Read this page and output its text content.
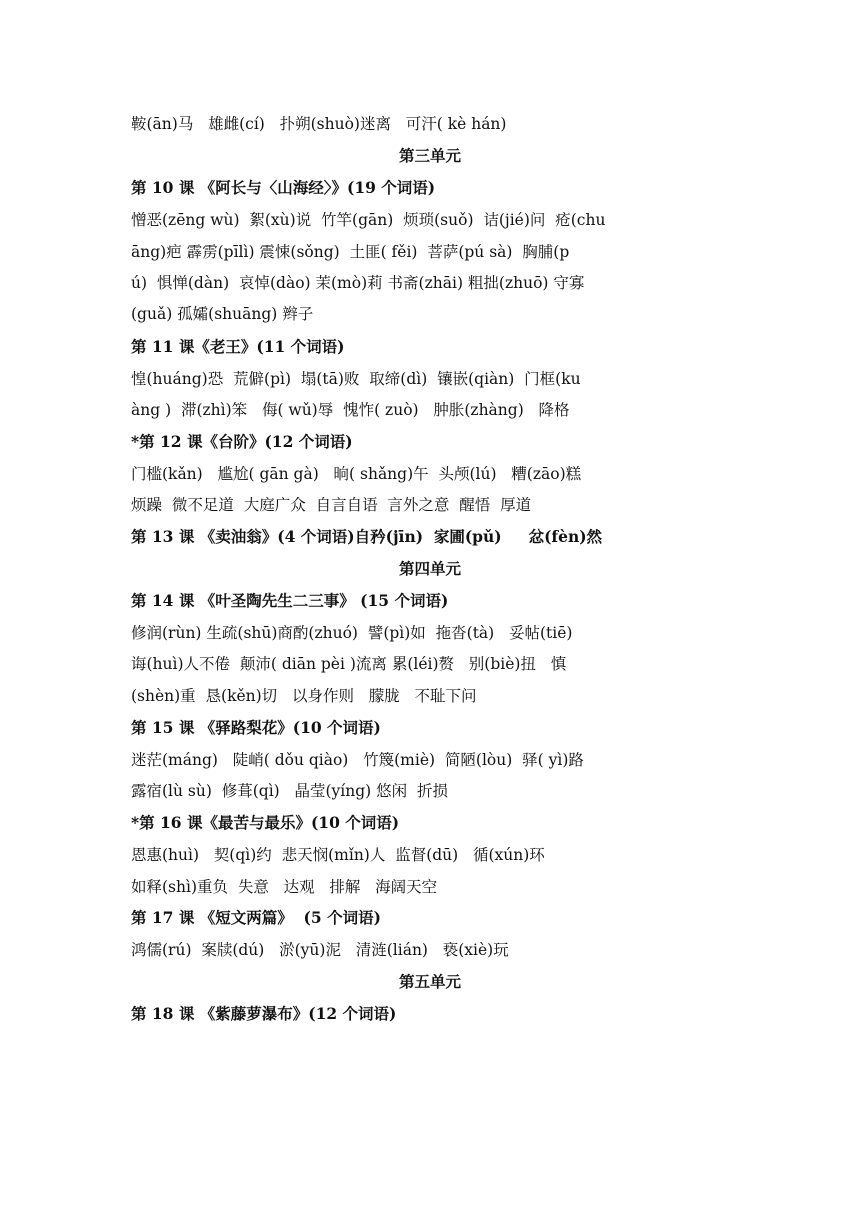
鞍(ān)马   雄雌(cí)   扑朔(shuò)迷离   可汗( kè hán)
第三单元
第 10 课 《阿长与〈山海经〉》(19 个词语)
憎恶(zēng wù)  絮(xù)说  竹竿(gān)  烦琐(suǒ)  诘(jié)问  疮(chu
āng)疤 霹雳(pīlì) 震悚(sǒng)  土匪( fěi)  菩萨(pú sà)  胸脯(p
ú)  惧惮(dàn)  哀悼(dào) 茉(mò)莉 书斋(zhāi) 粗拙(zhuō) 守寡
(guǎ) 孤孀(shuāng) 辫子
第 11 课《老王》(11 个词语)
惶(huáng)恐  荒僻(pì)  塌(tā)败  取缔(dì)  镶嵌(qiàn)  门框(ku
àng )  滞(zhì)笨   侮( wǔ)辱  愧怍( zuò)   肿胀(zhàng)   降格
*第 12 课《台阶》(12 个词语)
门槛(kǎn)   尴尬( gān gà)   晌( shǎng)午  头颅(lú)   糟(zāo)糕
烦躁  微不足道  大庭广众  自言自语  言外之意  醒悟  厚道
第 13 课 《卖油翁》(4 个词语)自矜(jīn)  家圃(pǔ)     忿(fèn)然
第四单元
第 14 课 《叶圣陶先生二三事》 (15 个词语)
修润(rùn) 生疏(shū)商酌(zhuó)  譬(pì)如  拖沓(tà)   妥帖(tiē)
诲(huì)人不倦  颠沛( diān pèi )流离 累(léi)赘   别(biè)扭   慎
(shèn)重  恳(kěn)切   以身作则   朦胧   不耻下问
第 15 课 《驿路梨花》(10 个词语)
迷茫(máng)   陡峭( dǒu qiào)   竹篾(miè)  简陋(lòu)  驿( yì)路
露宿(lù sù)  修葺(qì)   晶莹(yíng) 悠闲  折损
*第 16 课《最苦与最乐》(10 个词语)
恩惠(huì)   契(qì)约  悲天悯(mǐn)人  监督(dū)   循(xún)环
如释(shì)重负  失意   达观   排解   海阔天空
第 17 课 《短文两篇》  (5 个词语)
鸿儒(rú)  案牍(dú)   淤(yū)泥   清涟(lián)   亵(xiè)玩
第五单元
第 18 课 《紫藤萝瀑布》(12 个词语)
